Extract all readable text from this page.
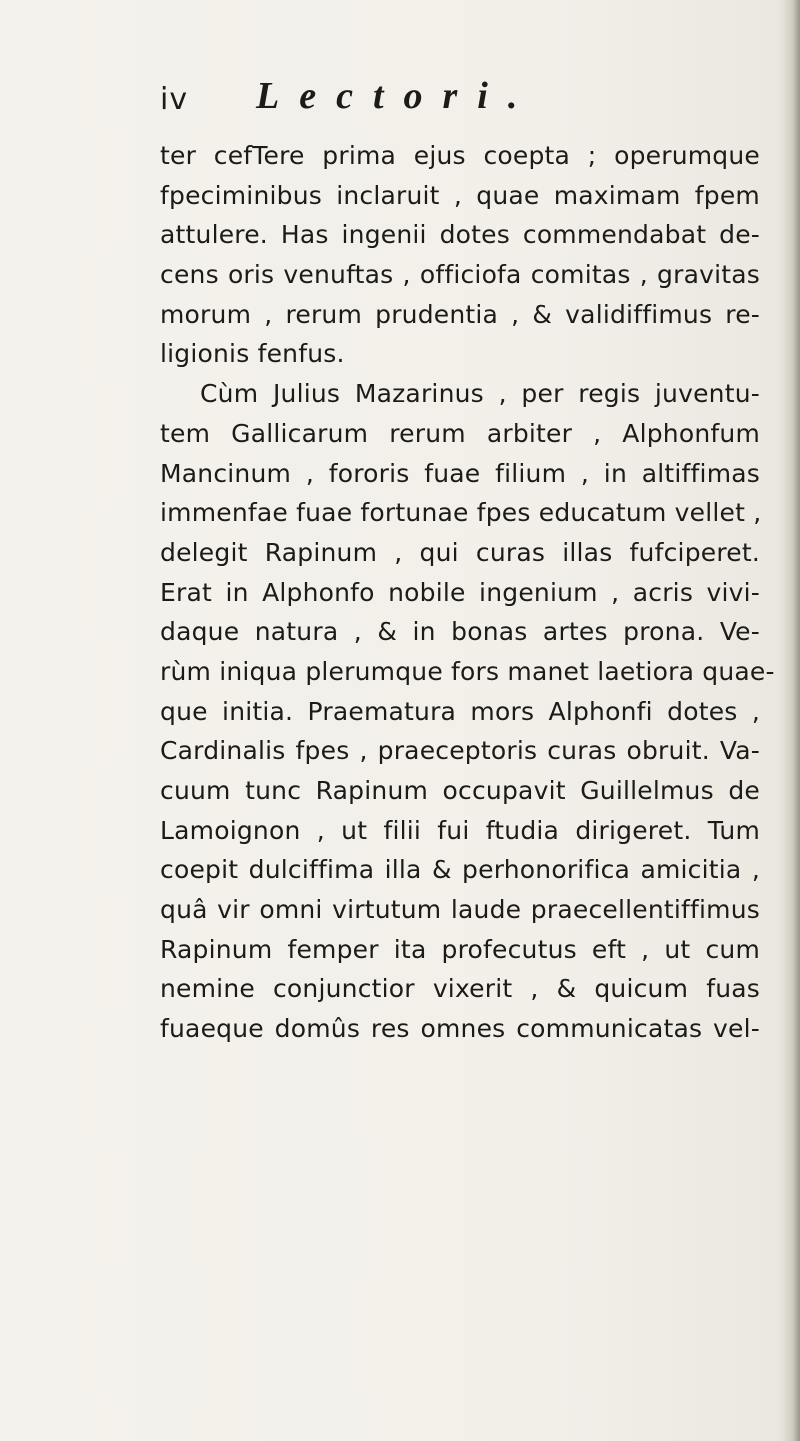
iv Lectori.
ter cefTere prima ejus coepta ; operumque
fpeciminibus inclaruit , quae maximam fpem
attulere. Has ingenii dotes commendabat de-
cens oris venuftas , officiofa comitas , gravitas
morum , rerum prudentia , & validiffimus re-
ligionis fenfus.
Cùm Julius Mazarinus , per regis juventu-
tem Gallicarum rerum arbiter , Alphonfum
Mancinum , fororis fuae filium , in altiffimas
immenfae fuae fortunae fpes educatum vellet ,
delegit Rapinum , qui curas illas fufciperet.
Erat in Alphonfo nobile ingenium , acris vivi-
daque natura , & in bonas artes prona. Ve-
rùm iniqua plerumque fors manet laetiora quae-
que initia. Praematura mors Alphonfi dotes ,
Cardinalis fpes , praeceptoris curas obruit. Va-
cuum tunc Rapinum occupavit Guillelmus de
Lamoignon , ut filii fui ftudia dirigeret. Tum
coepit dulciffima illa & perhonorifica amicitia ,
quâ vir omni virtutum laude praecellentiffimus
Rapinum femper ita profecutus eft , ut cum
nemine conjunctior vixerit , & quicum fuas
fuaeque domûs res omnes communicatas vel-
